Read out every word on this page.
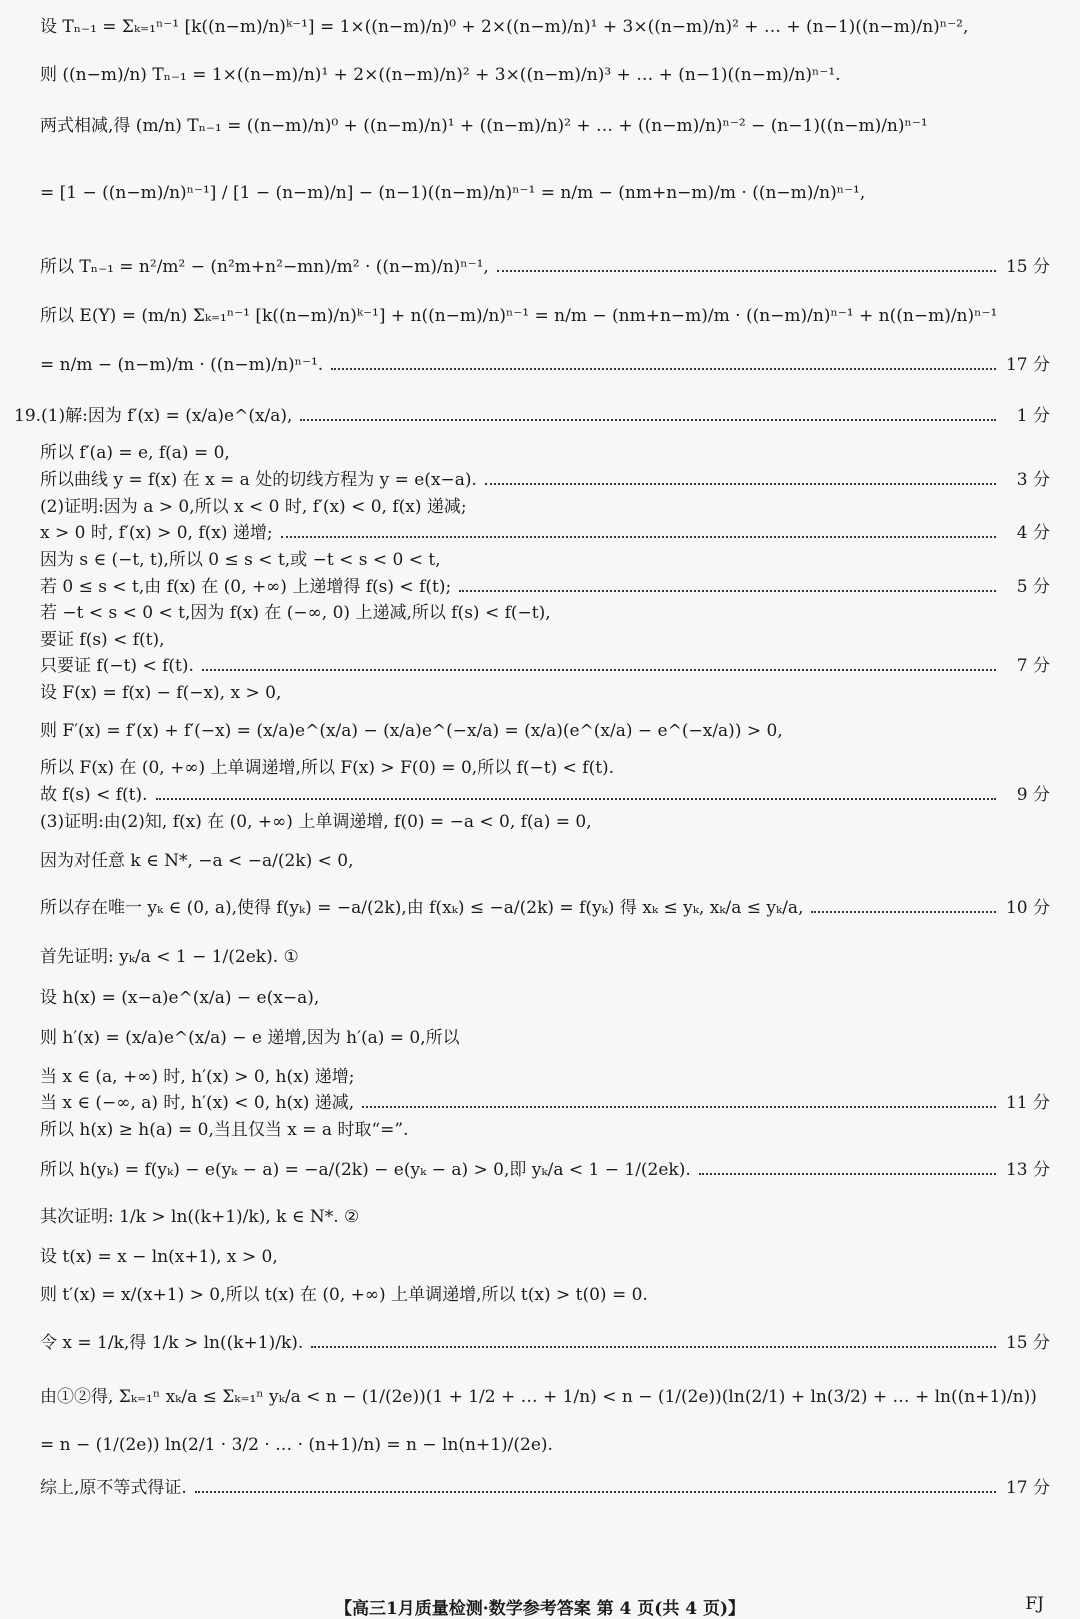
设 Tₙ₋₁ = Σₖ₌₁ⁿ⁻¹ [k((n−m)/n)ᵏ⁻¹] = 1×((n−m)/n)⁰ + 2×((n−m)/n)¹ + 3×((n−m)/n)² + … + (n−1)((n−m)/n)ⁿ⁻²,
则 ((n−m)/n) Tₙ₋₁ = 1×((n−m)/n)¹ + 2×((n−m)/n)² + 3×((n−m)/n)³ + … + (n−1)((n−m)/n)ⁿ⁻¹.
两式相减,得 (m/n) Tₙ₋₁ = ((n−m)/n)⁰ + ((n−m)/n)¹ + ((n−m)/n)² + … + ((n−m)/n)ⁿ⁻² − (n−1)((n−m)/n)ⁿ⁻¹
= [1 − ((n−m)/n)ⁿ⁻¹] / [1 − (n−m)/n] − (n−1)((n−m)/n)ⁿ⁻¹ = n/m − (nm+n−m)/m · ((n−m)/n)ⁿ⁻¹,
所以 Tₙ₋₁ = n²/m² − (n²m+n²−mn)/m² · ((n−m)/n)ⁿ⁻¹,	15 分
所以 E(Y) = (m/n) Σₖ₌₁ⁿ⁻¹ [k((n−m)/n)ᵏ⁻¹] + n((n−m)/n)ⁿ⁻¹ = n/m − (nm+n−m)/m · ((n−m)/n)ⁿ⁻¹ + n((n−m)/n)ⁿ⁻¹
= n/m − (n−m)/m · ((n−m)/n)ⁿ⁻¹.	17 分
19.(1)解:因为 f′(x) = (x/a)e^(x/a),	1 分
所以 f′(a) = e, f(a) = 0,
所以曲线 y = f(x) 在 x = a 处的切线方程为 y = e(x−a).	3 分
(2)证明:因为 a > 0,所以 x < 0 时, f′(x) < 0, f(x) 递减;
x > 0 时, f′(x) > 0, f(x) 递增;	4 分
因为 s ∈ (−t, t),所以 0 ≤ s < t,或 −t < s < 0 < t,
若 0 ≤ s < t,由 f(x) 在 (0, +∞) 上递增得 f(s) < f(t);	5 分
若 −t < s < 0 < t,因为 f(x) 在 (−∞, 0) 上递减,所以 f(s) < f(−t),
要证 f(s) < f(t),
只要证 f(−t) < f(t).	7 分
设 F(x) = f(x) − f(−x), x > 0,
则 F′(x) = f′(x) + f′(−x) = (x/a)e^(x/a) − (x/a)e^(−x/a) = (x/a)(e^(x/a) − e^(−x/a)) > 0,
所以 F(x) 在 (0, +∞) 上单调递增,所以 F(x) > F(0) = 0,所以 f(−t) < f(t).
故 f(s) < f(t).	9 分
(3)证明:由(2)知, f(x) 在 (0, +∞) 上单调递增, f(0) = −a < 0, f(a) = 0,
因为对任意 k ∈ N*, −a < −a/(2k) < 0,
所以存在唯一 yₖ ∈ (0, a),使得 f(yₖ) = −a/(2k),由 f(xₖ) ≤ −a/(2k) = f(yₖ) 得 xₖ ≤ yₖ, xₖ/a ≤ yₖ/a,	10 分
首先证明: yₖ/a < 1 − 1/(2ek). ①
设 h(x) = (x−a)e^(x/a) − e(x−a),
则 h′(x) = (x/a)e^(x/a) − e 递增,因为 h′(a) = 0,所以
当 x ∈ (a, +∞) 时, h′(x) > 0, h(x) 递增;
当 x ∈ (−∞, a) 时, h′(x) < 0, h(x) 递减,	11 分
所以 h(x) ≥ h(a) = 0,当且仅当 x = a 时取“=”.
所以 h(yₖ) = f(yₖ) − e(yₖ − a) = −a/(2k) − e(yₖ − a) > 0,即 yₖ/a < 1 − 1/(2ek).	13 分
其次证明: 1/k > ln((k+1)/k), k ∈ N*. ②
设 t(x) = x − ln(x+1), x > 0,
则 t′(x) = x/(x+1) > 0,所以 t(x) 在 (0, +∞) 上单调递增,所以 t(x) > t(0) = 0.
令 x = 1/k,得 1/k > ln((k+1)/k).	15 分
由①②得, Σₖ₌₁ⁿ xₖ/a ≤ Σₖ₌₁ⁿ yₖ/a < n − (1/(2e))(1 + 1/2 + … + 1/n) < n − (1/(2e))(ln(2/1) + ln(3/2) + … + ln((n+1)/n))
= n − (1/(2e)) ln(2/1 · 3/2 · … · (n+1)/n) = n − ln(n+1)/(2e).
综上,原不等式得证.	17 分
【高三1月质量检测·数学参考答案 第 4 页(共 4 页)】	FJ
